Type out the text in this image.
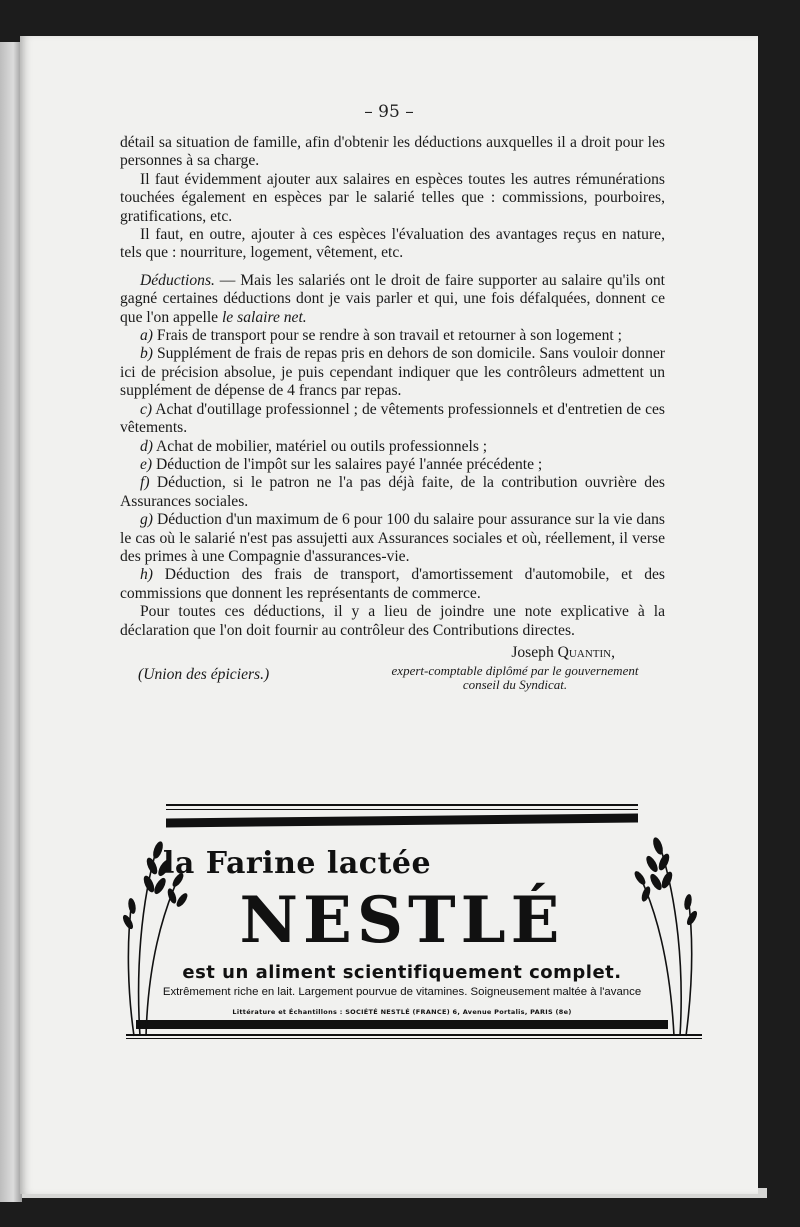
– 95 –

détail sa situation de famille, afin d'obtenir les déductions auxquelles il a droit pour les personnes à sa charge.

Il faut évidemment ajouter aux salaires en espèces toutes les autres rémunérations touchées également en espèces par le salarié telles que : commissions, pourboires, gratifications, etc.

Il faut, en outre, ajouter à ces espèces l'évaluation des avantages reçus en nature, tels que : nourriture, logement, vêtement, etc.

Déductions. — Mais les salariés ont le droit de faire supporter au salaire qu'ils ont gagné certaines déductions dont je vais parler et qui, une fois défalquées, donnent ce que l'on appelle le salaire net.

a) Frais de transport pour se rendre à son travail et retourner à son logement ;

b) Supplément de frais de repas pris en dehors de son domicile. Sans vouloir donner ici de précision absolue, je puis cependant indiquer que les contrôleurs admettent un supplément de dépense de 4 francs par repas.

c) Achat d'outillage professionnel ; de vêtements professionnels et d'entretien de ces vêtements.

d) Achat de mobilier, matériel ou outils professionnels ;

e) Déduction de l'impôt sur les salaires payé l'année précédente ;

f) Déduction, si le patron ne l'a pas déjà faite, de la contribution ouvrière des Assurances sociales.

g) Déduction d'un maximum de 6 pour 100 du salaire pour assurance sur la vie dans le cas où le salarié n'est pas assujetti aux Assurances sociales et où, réellement, il verse des primes à une Compagnie d'assurances-vie.

h) Déduction des frais de transport, d'amortissement d'automobile, et des commissions que donnent les représentants de commerce.

Pour toutes ces déductions, il y a lieu de joindre une note explicative à la déclaration que l'on doit fournir au contrôleur des Contributions directes.

Joseph Quantin,

(Union des épiciers.)	expert-comptable diplômé par le gouvernement
conseil du Syndicat.
la Farine lactée
NESTLÉ
est un aliment scientifiquement complet.
Extrêmement riche en lait. Largement pourvue de vitamines. Soigneusement maltée à l'avance
Littérature et Échantillons : SOCIÉTÉ NESTLÉ (FRANCE) 6, Avenue Portalis, PARIS (8e)
